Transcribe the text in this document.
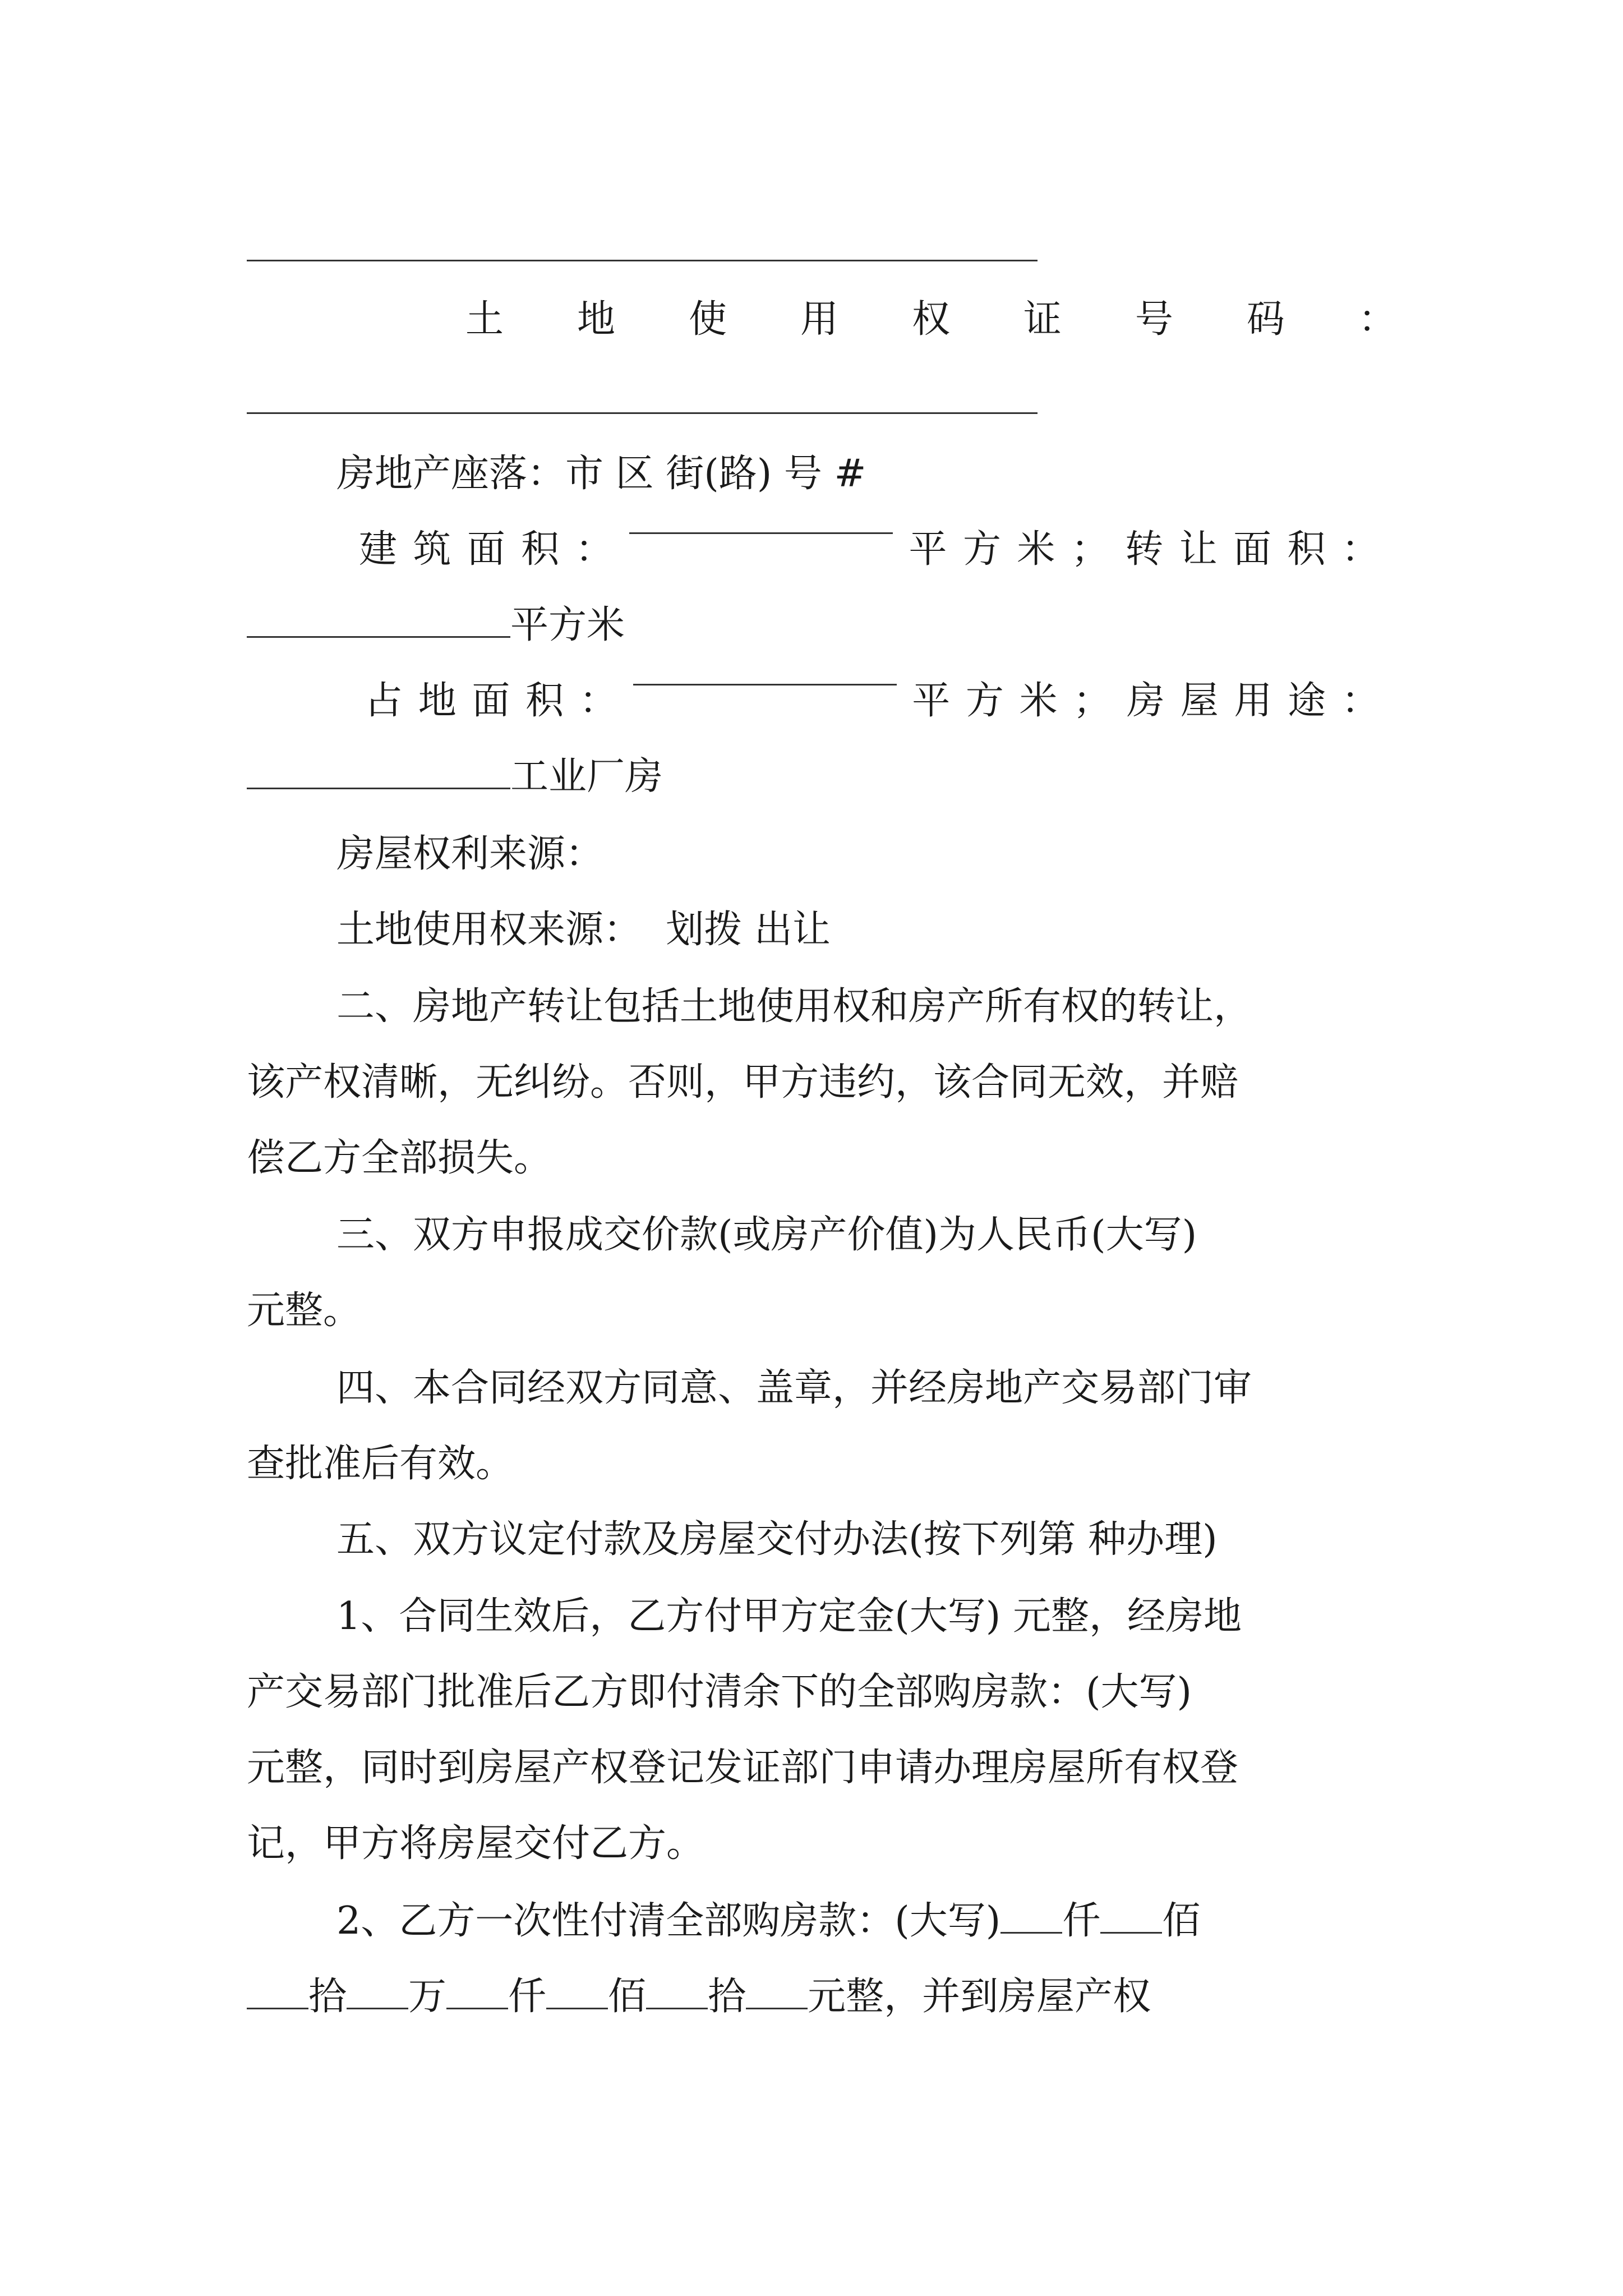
土 地 使 用 权 证 号 码 ：
房地产座落：市 区 街(路) 号 #
建 筑 面 积 ：	平 方 米 ； 转 让 面 积 ：
平方米
占 地 面 积 ：	平 方 米 ； 房 屋 用 途 ：
工业厂房
房屋权利来源：
土地使用权来源：  划拨 出让
二、房地产转让包括土地使用权和房产所有权的转让，
该产权清晰，无纠纷。否则，甲方违约，该合同无效，并赔
偿乙方全部损失。
三、双方申报成交价款(或房产价值)为人民币(大写)
元整。
四、本合同经双方同意、盖章，并经房地产交易部门审
查批准后有效。
五、双方议定付款及房屋交付办法(按下列第 种办理)
1、合同生效后，乙方付甲方定金(大写) 元整，经房地
产交易部门批准后乙方即付清余下的全部购房款：(大写)
元整，同时到房屋产权登记发证部门申请办理房屋所有权登
记，甲方将房屋交付乙方。
2、乙方一次性付清全部购房款：(大写) 仟 佰
拾 万 仟 佰 拾 元整，并到房屋产权
